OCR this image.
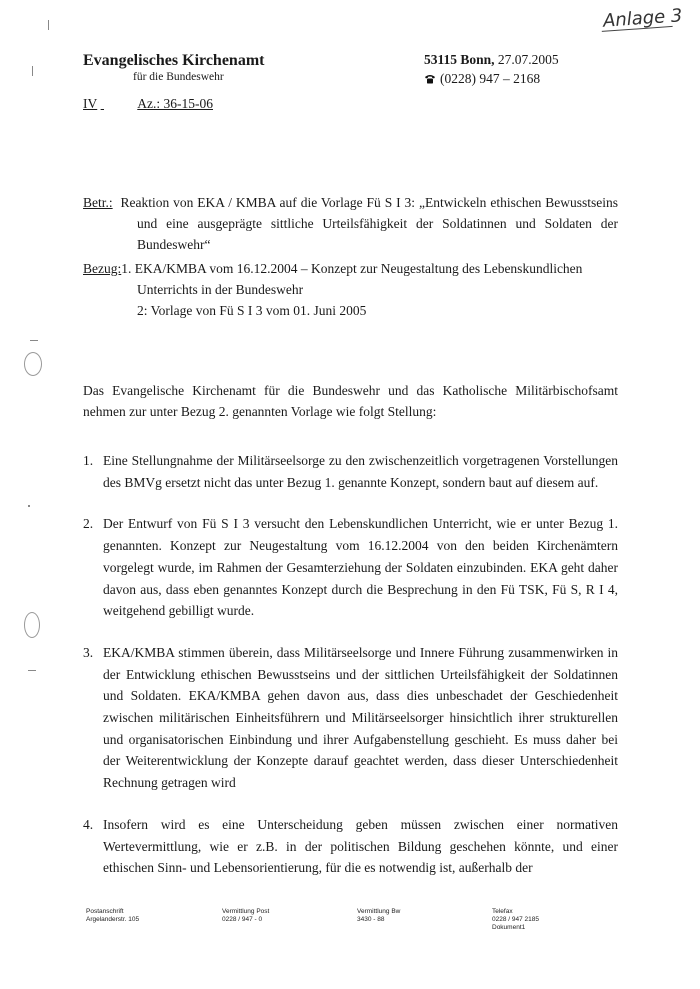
Anlage 3
Evangelisches Kirchenamt
für die Bundeswehr
53115 Bonn, 27.07.2005
(0228) 947 – 2168
IV	Az.: 36-15-06

Betr.: Reaktion von EKA / KMBA auf die Vorlage Fü S I 3: „Entwickeln ethischen Bewusstseins und eine ausgeprägte sittliche Urteilsfähigkeit der Soldatinnen und Soldaten der Bundeswehr“

Bezug:1. EKA/KMBA vom 16.12.2004 – Konzept zur Neugestaltung des Lebenskundlichen Unterrichts in der Bundeswehr

2: Vorlage von Fü S I 3 vom 01. Juni 2005

Das Evangelische Kirchenamt für die Bundeswehr und das Katholische Militärbischofsamt nehmen zur unter Bezug 2. genannten Vorlage wie folgt Stellung:

1. Eine Stellungnahme der Militärseelsorge zu den zwischenzeitlich vorgetragenen Vorstellungen des BMVg ersetzt nicht das unter Bezug 1. genannte Konzept, sondern baut auf diesem auf.
2. Der Entwurf von Fü S I 3 versucht den Lebenskundlichen Unterricht, wie er unter Bezug 1. genannten. Konzept zur Neugestaltung vom 16.12.2004 von den beiden Kirchenämtern vorgelegt wurde, im Rahmen der Gesamterziehung der Soldaten einzubinden. EKA geht daher davon aus, dass eben genanntes Konzept durch die Besprechung in den Fü TSK, Fü S, R I 4, weitgehend gebilligt wurde.
3. EKA/KMBA stimmen überein, dass Militärseelsorge und Innere Führung zusammenwirken in der Entwicklung ethischen Bewusstseins und der sittlichen Urteilsfähigkeit der Soldatinnen und Soldaten. EKA/KMBA gehen davon aus, dass dies unbeschadet der Geschiedenheit zwischen militärischen Einheitsführern und Militärseelsorger hinsichtlich ihrer strukturellen und organisatorischen Einbindung und ihrer Aufgabenstellung geschieht. Es muss daher bei der Weiterentwicklung der Konzepte darauf geachtet werden, dass dieser Unterschiedenheit Rechnung getragen wird
4. Insofern wird es eine Unterscheidung geben müssen zwischen einer normativen Wertevermittlung, wie er z.B. in der politischen Bildung geschehen könnte, und einer ethischen Sinn- und Lebensorientierung, für die es notwendig ist, außerhalb der
Postanschrift
Argelanderstr. 105
Vermittlung Post
0228 / 947 - 0
Vermittlung Bw
3430 - 88
Telefax
0228 / 947 2185
Dokument1
